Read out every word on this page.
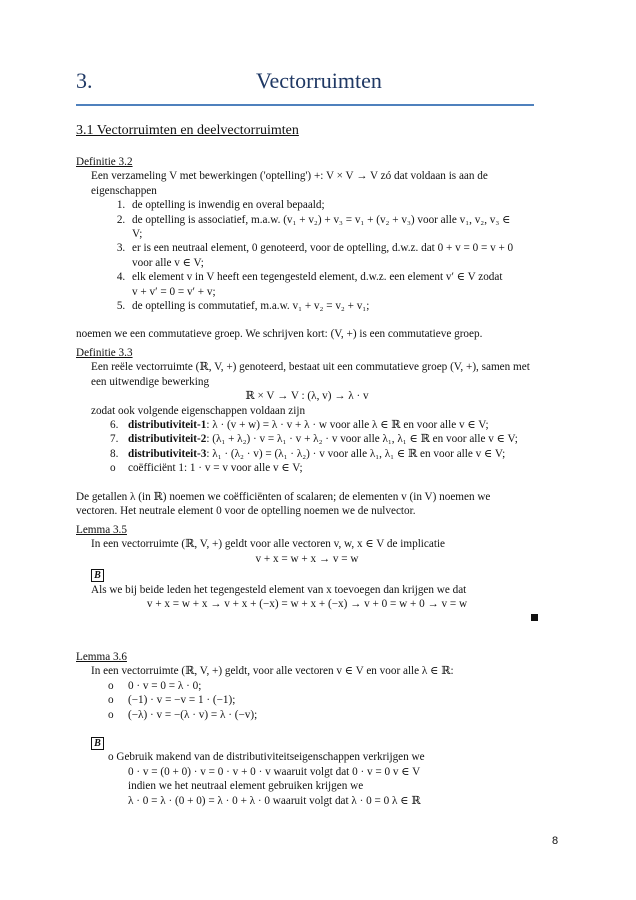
3.	Vectorruimten
3.1 Vectorruimten en deelvectorruimten
Definitie 3.2
Een verzameling V met bewerkingen ('optelling') +: V × V → V zó dat voldaan is aan de
eigenschappen
1. de optelling is inwendig en overal bepaald;
2. de optelling is associatief, m.a.w. (v₁ + v₂) + v₃ = v₁ + (v₂ + v₃) voor alle v₁, v₂, v₃ ∈
V;
3. er is een neutraal element, 0 genoteerd, voor de optelling, d.w.z. dat 0 + v = 0 = v + 0
voor alle v ∈ V;
4. elk element v in V heeft een tegengesteld element, d.w.z. een element v′ ∈ V zodat
v + v′ = 0 = v′ + v;
5. de optelling is commutatief, m.a.w. v₁ + v₂ = v₂ + v₁;
noemen we een commutatieve groep. We schrijven kort: (V, +) is een commutatieve groep.
Definitie 3.3
Een reële vectorruimte (ℝ, V, +) genoteerd, bestaat uit een commutatieve groep (V, +), samen met
een uitwendige bewerking
ℝ × V → V : (λ, v) → λ · v
zodat ook volgende eigenschappen voldaan zijn
6. distributiviteit-1: λ · (v + w) = λ · v + λ · w voor alle λ ∈ ℝ en voor alle v ∈ V;
7. distributiviteit-2: (λ₁ + λ₂) · v = λ₁ · v + λ₂ · v voor alle λ₁, λ₁ ∈ ℝ en voor alle v ∈ V;
8. distributiviteit-3: λ₁ · (λ₂ · v) = (λ₁ · λ₂) · v voor alle λ₁, λ₁ ∈ ℝ en voor alle v ∈ V;
o coëfficiënt 1: 1 · v = v voor alle v ∈ V;
De getallen λ (in ℝ) noemen we coëfficiënten of scalaren; de elementen v (in V) noemen we
vectoren. Het neutrale element 0 voor de optelling noemen we de nulvector.
Lemma 3.5
In een vectorruimte (ℝ, V, +) geldt voor alle vectoren v, w, x ∈ V de implicatie
v + x = w + x → v = w
B
Als we bij beide leden het tegengesteld element van x toevoegen dan krijgen we dat
v + x = w + x → v + x + (−x) = w + x + (−x) → v + 0 = w + 0 → v = w
Lemma 3.6
In een vectorruimte (ℝ, V, +) geldt, voor alle vectoren v ∈ V en voor alle λ ∈ ℝ:
o 0 · v = 0 = λ · 0;
o (−1) · v = −v = 1 · (−1);
o (−λ) · v = −(λ · v) = λ · (−v);
B
o Gebruik makend van de distributiviteitseigenschappen verkrijgen we
0 · v = (0 + 0) · v = 0 · v + 0 · v waaruit volgt dat 0 · v = 0 v ∈ V
indien we het neutraal element gebruiken krijgen we
λ · 0 = λ · (0 + 0) = λ · 0 + λ · 0 waaruit volgt dat λ · 0 = 0 λ ∈ ℝ
8
